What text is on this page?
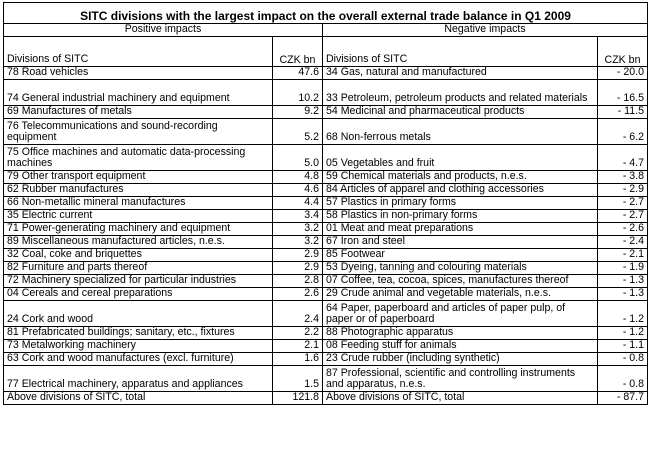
SITC divisions with the largest impact on the overall external trade balance in Q1 2009			
Positive impacts		Negative impacts	
Divisions of SITC	CZK bn	Divisions of SITC	CZK bn
78 Road vehicles	47.6	34 Gas, natural and manufactured	- 20.0
74 General industrial machinery and equipment	10.2	33 Petroleum, petroleum products and related materials	- 16.5
69 Manufactures of metals	9.2	54 Medicinal and pharmaceutical products	- 11.5
76 Telecommunications and sound-recording equipment	5.2	68 Non-ferrous metals	- 6.2
75 Office machines and automatic data-processing machines	5.0	05 Vegetables and fruit	- 4.7
79 Other transport equipment	4.8	59 Chemical materials and products, n.e.s.	- 3.8
62 Rubber manufactures	4.6	84 Articles of apparel and clothing accessories	- 2.9
66 Non-metallic mineral manufactures	4.4	57 Plastics in primary forms	- 2.7
35 Electric current	3.4	58 Plastics in non-primary forms	- 2.7
71 Power-generating machinery and equipment	3.2	01 Meat and meat preparations	- 2.6
89 Miscellaneous manufactured articles, n.e.s.	3.2	67 Iron and steel	- 2.4
32 Coal, coke and briquettes	2.9	85 Footwear	- 2.1
82 Furniture and parts thereof	2.9	53 Dyeing, tanning and colouring materials	- 1.9
72 Machinery specialized for particular industries	2.8	07 Coffee, tea, cocoa, spices, manufactures thereof	- 1.3
04 Cereals and cereal preparations	2.6	29 Crude animal and vegetable materials, n.e.s.	- 1.3
24 Cork and wood	2.4	64 Paper, paperboard and articles of paper pulp, of paper or of paperboard	- 1.2
81 Prefabricated buildings; sanitary, etc., fixtures	2.2	88 Photographic apparatus	- 1.2
73 Metalworking machinery	2.1	08 Feeding stuff for animals	- 1.1
63 Cork and wood manufactures (excl. furniture)	1.6	23 Crude rubber (including synthetic)	- 0.8
77 Electrical machinery, apparatus and appliances	1.5	87 Professional, scientific and controlling instruments and apparatus, n.e.s.	- 0.8
Above divisions of SITC, total	121.8	Above divisions of SITC, total	- 87.7
